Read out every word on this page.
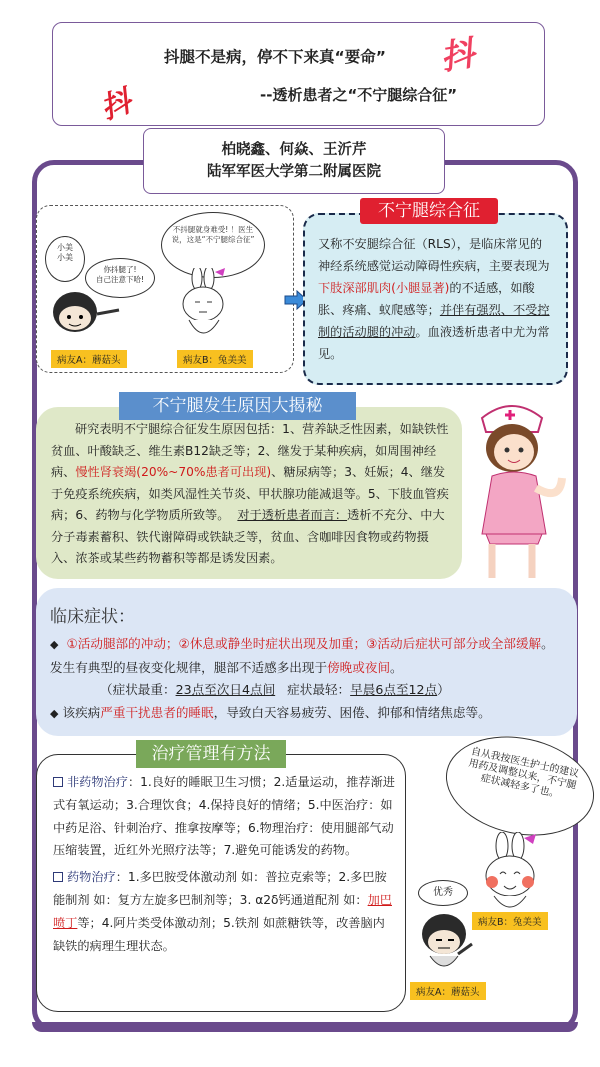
抖腿不是病，停不下来真“要命”
--透析患者之“不宁腿综合征”
抖
抖
柏晓鑫、何焱、王沂芹
陆军军医大学第二附属医院
小美
小美
你抖腿了!
自己注意下哈!
不抖腿就身难受! ！医生说，这是“不宁腿综合征”
病友A：蘑菇头	病友B：兔美美
又称不安腿综合征（RLS），是临床常见的神经系统感觉运动障碍性疾病，主要表现为下肢深部肌肉(小腿显著)的不适感，如酸胀、疼痛、蚁爬感等；并伴有强烈、不受控制的活动腿的冲动。血液透析患者中尤为常见。
不宁腿综合征
研究表明不宁腿综合征发生原因包括：1、营养缺乏性因素，如缺铁性贫血、叶酸缺乏、维生素B12缺乏等；2、继发于某种疾病，如周围神经病、慢性肾衰竭(20%~70%患者可出现)、糖尿病等；3、妊娠；4、继发于免疫系统疾病，如类风湿性关节炎、甲状腺功能减退等。5、下肢血管疾病；6、药物与化学物质所致等。 对于透析患者而言：透析不充分、中大分子毒素蓄积、铁代谢障碍或铁缺乏等，贫血、含咖啡因食物或药物摄入、浓茶或某些药物蓄积等都是诱发因素。
不宁腿发生原因大揭秘
临床症状：
◆ ①活动腿部的冲动；②休息或静坐时症状出现及加重；③活动后症状可部分或全部缓解。发生有典型的昼夜变化规律，腿部不适感多出现于傍晚或夜间。
（症状最重：23点至次日4点间   症状最轻：早晨6点至12点）
◆ 该疾病严重干扰患者的睡眠，导致白天容易疲劳、困倦、抑郁和情绪焦虑等。
非药物治疗：1.良好的睡眠卫生习惯；2.适量运动，推荐渐进式有氧运动；3.合理饮食；4.保持良好的情绪；5.中医治疗：如中药足浴、针刺治疗、推拿按摩等；6.物理治疗：使用腿部气动压缩装置，近红外光照疗法等；7.避免可能诱发的药物。
药物治疗：1.多巴胺受体激动剂 如：普拉克索等；2.多巴胺能制剂 如：复方左旋多巴制剂等；3. α2δ钙通道配剂 如：加巴喷丁等；4.阿片类受体激动剂；5.铁剂 如蔗糖铁等，改善脑内缺铁的病理生理状态。
治疗管理有方法	自从我按医生护士的建议用药及调整以来，不宁腿症状减轻多了也。
病友B：兔美美
优秀
病友A：蘑菇头
